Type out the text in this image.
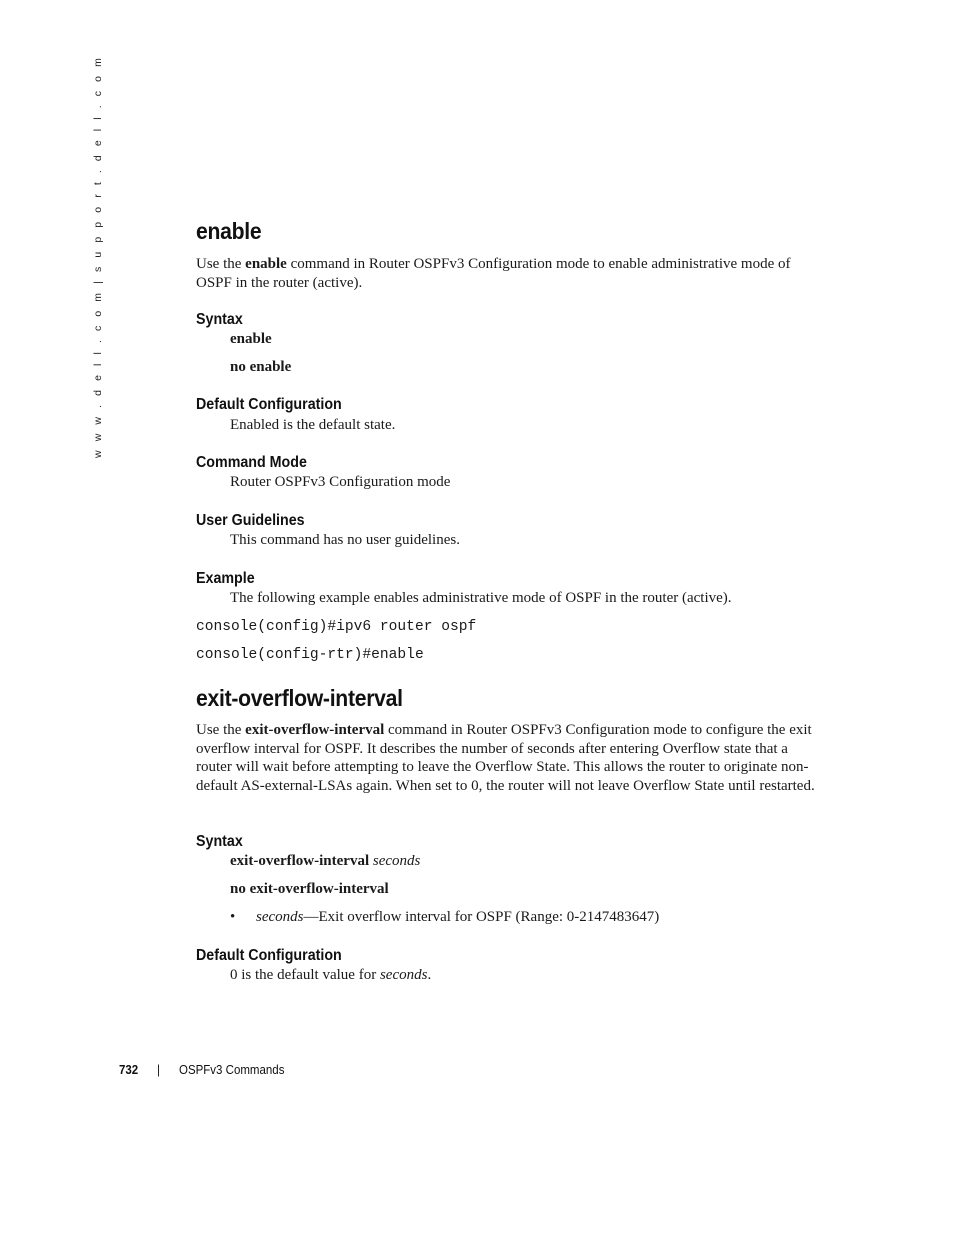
w w w . d e l l . c o m | s u p p o r t . d e l l . c o m	enable
Use the enable command in Router OSPFv3 Configuration mode to enable administrative mode of OSPF in the router (active).
Syntax
enable
no enable
Default Configuration
Enabled is the default state.
Command Mode
Router OSPFv3 Configuration mode
User Guidelines
This command has no user guidelines.
Example
The following example enables administrative mode of OSPF in the router (active).
console(config)#ipv6 router ospf
console(config-rtr)#enable
exit-overflow-interval
Use the exit-overflow-interval command in Router OSPFv3 Configuration mode to configure the exit overflow interval for OSPF. It describes the number of seconds after entering Overflow state that a router will wait before attempting to leave the Overflow State. This allows the router to originate non-default AS-external-LSAs again. When set to 0, the router will not leave Overflow State until restarted.
Syntax
exit-overflow-interval seconds
no exit-overflow-interval
• seconds—Exit overflow interval for OSPF (Range: 0-2147483647)
Default Configuration
0 is the default value for seconds.
732 | OSPFv3 Commands
